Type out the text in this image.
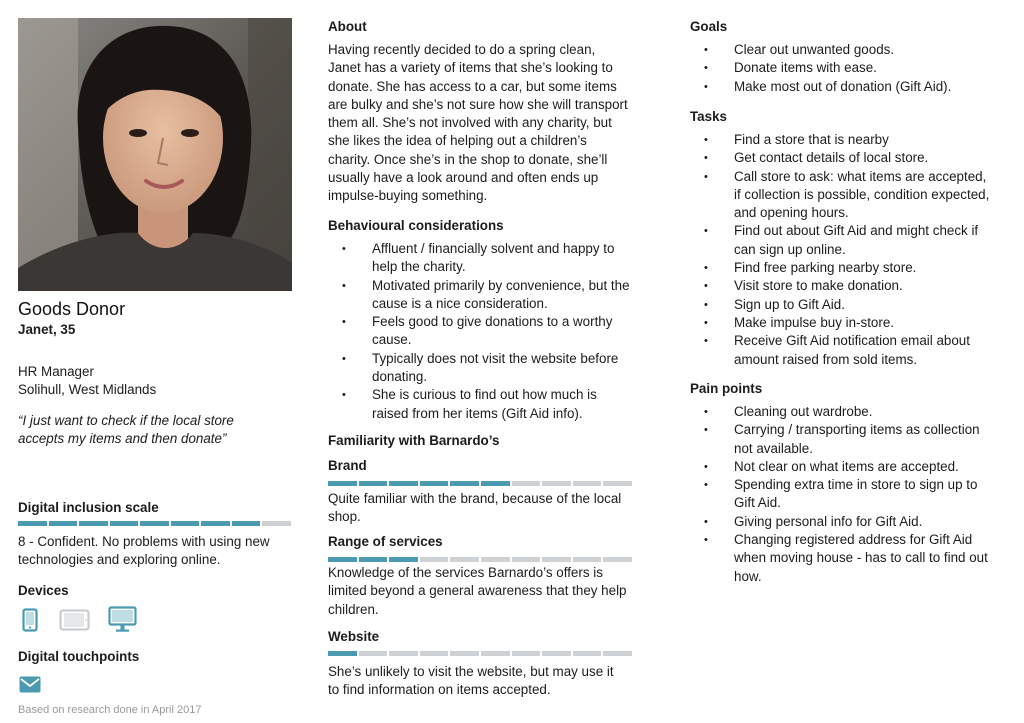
Goods Donor
Janet, 35
HR Manager
Solihull, West Midlands
“I just want to check if the local store accepts my items and then donate”
Digital inclusion scale
8 - Confident. No problems with using new technologies and exploring online.
Devices
Digital touchpoints
Based on research done in April 2017
About
Having recently decided to do a spring clean, Janet has a variety of items that she’s looking to donate. She has access to a car, but some items are bulky and she’s not sure how she will transport them all. She’s not involved with any charity, but she likes the idea of helping out a children’s charity. Once she’s in the shop to donate, she’ll usually have a look around and often ends up impulse-buying something.
Behavioural considerations
• Affluent / financially solvent and happy to help the charity.
• Motivated primarily by convenience, but the cause is a nice consideration.
• Feels good to give donations to a worthy cause.
• Typically does not visit the website before donating.
• She is curious to find out how much is raised from her items (Gift Aid info).
Familiarity with Barnardo’s
Brand
Quite familiar with the brand, because of the local shop.
Range of services
Knowledge of the services Barnardo’s offers is limited beyond a general awareness that they help children.
Website
She’s unlikely to visit the website, but may use it to find information on items accepted.
Goals
• Clear out unwanted goods.
• Donate items with ease.
• Make most out of donation (Gift Aid).
Tasks
• Find a store that is nearby
• Get contact details of local store.
• Call store to ask: what items are accepted, if collection is possible, condition expected, and opening hours.
• Find out about Gift Aid and might check if can sign up online.
• Find free parking nearby store.
• Visit store to make donation.
• Sign up to Gift Aid.
• Make impulse buy in-store.
• Receive Gift Aid notification email about amount raised from sold items.
Pain points
• Cleaning out wardrobe.
• Carrying / transporting items as collection not available.
• Not clear on what items are accepted.
• Spending extra time in store to sign up to Gift Aid.
• Giving personal info for Gift Aid.
• Changing registered address for Gift Aid when moving house - has to call to find out how.
